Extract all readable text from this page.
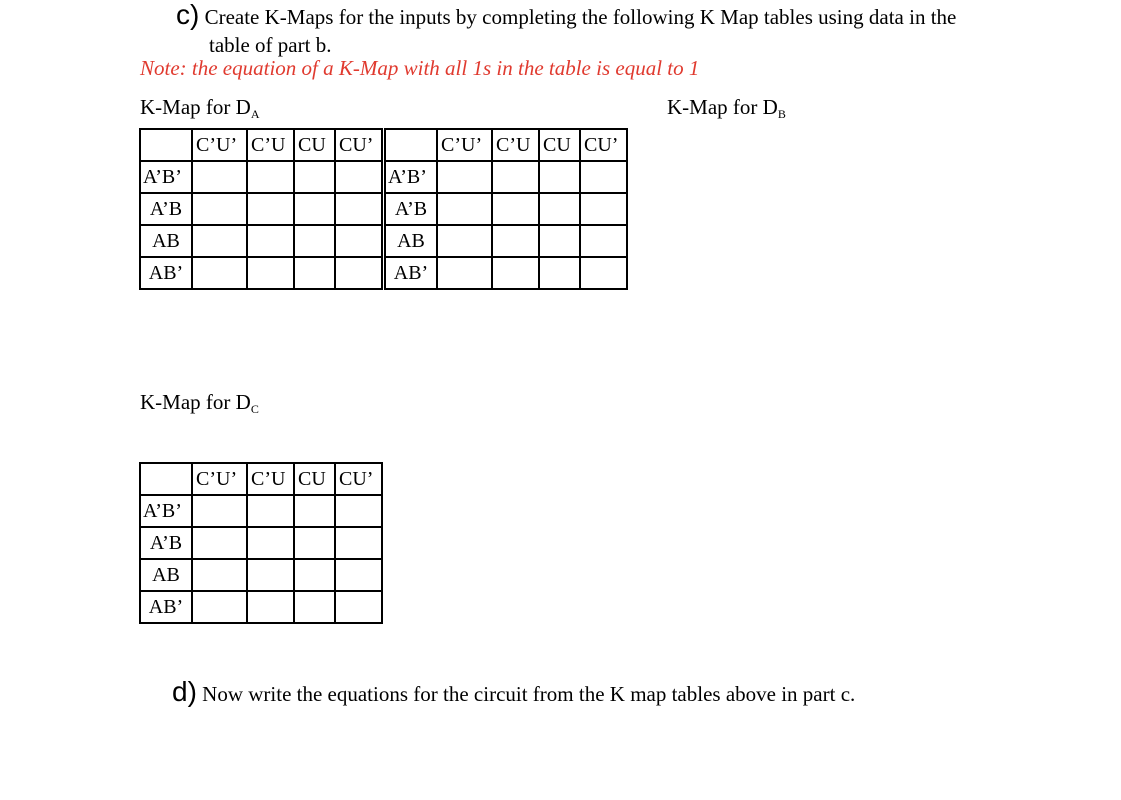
c) Create K-Maps for the inputs by completing the following K Map tables using data in the
table of part b.
Note: the equation of a K-Map with all 1s in the table is equal to 1
K-Map for $D_A$	K-Map for $D_B$
	C’U’	C’U	CU	CU’
A’B’				
A’B				
AB				
AB’				
	C’U’	C’U	CU	CU’
A’B’				
A’B				
AB				
AB’				
K-Map for $D_C$
	C’U’	C’U	CU	CU’
A’B’				
A’B				
AB				
AB’				
d) Now write the equations for the circuit from the K map tables above in part c.
